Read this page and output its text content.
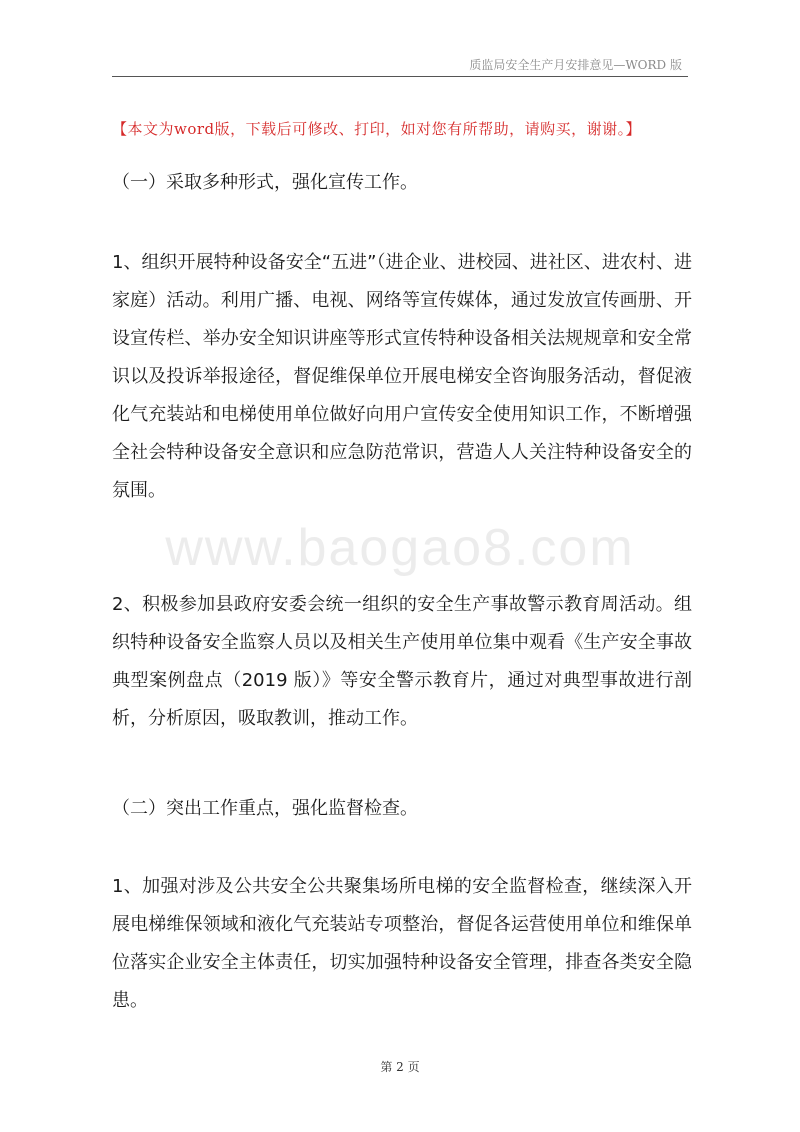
质监局安全生产月安排意见—WORD 版
【本文为word版，下载后可修改、打印，如对您有所帮助，请购买，谢谢。】

（一）采取多种形式，强化宣传工作。

1、组织开展特种设备安全“五进”（进企业、进校园、进社区、进农村、进家庭）活动。利用广播、电视、网络等宣传媒体，通过发放宣传画册、开设宣传栏、举办安全知识讲座等形式宣传特种设备相关法规规章和安全常识以及投诉举报途径，督促维保单位开展电梯安全咨询服务活动，督促液化气充装站和电梯使用单位做好向用户宣传安全使用知识工作，不断增强全社会特种设备安全意识和应急防范常识，营造人人关注特种设备安全的氛围。

www.baogao8.com

2、积极参加县政府安委会统一组织的安全生产事故警示教育周活动。组织特种设备安全监察人员以及相关生产使用单位集中观看《生产安全事故典型案例盘点（2019 版）》等安全警示教育片，通过对典型事故进行剖析，分析原因，吸取教训，推动工作。

（二）突出工作重点，强化监督检查。

1、加强对涉及公共安全公共聚集场所电梯的安全监督检查，继续深入开展电梯维保领域和液化气充装站专项整治，督促各运营使用单位和维保单位落实企业安全主体责任，切实加强特种设备安全管理，排查各类安全隐患。

第 2 页
